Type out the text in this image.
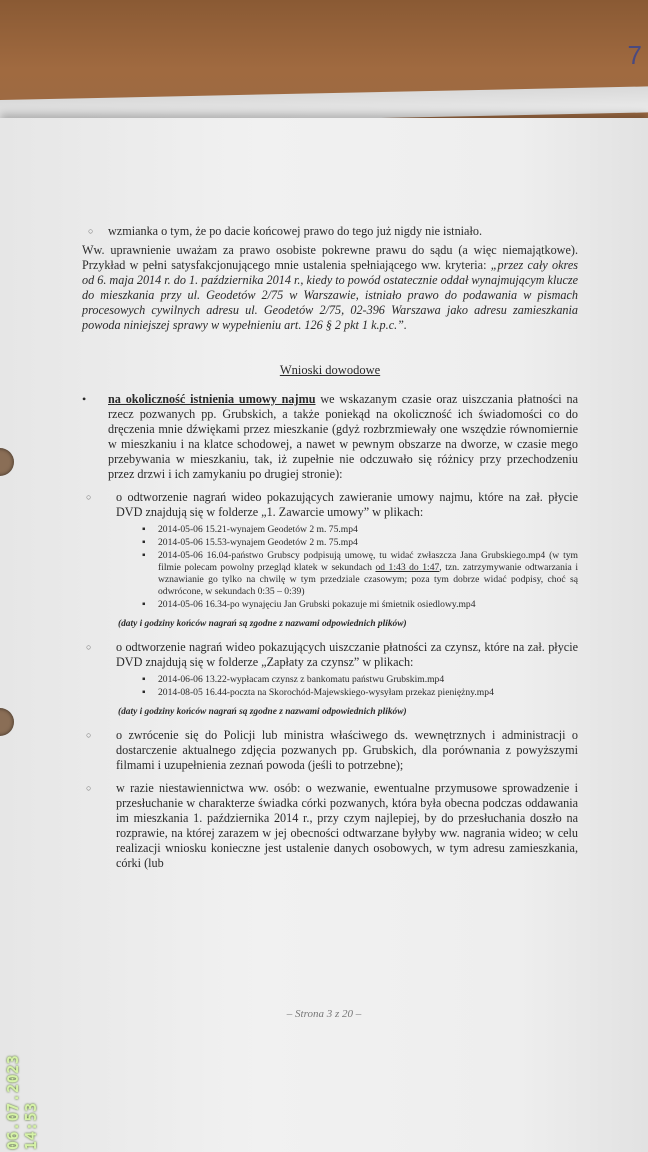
7
○ wzmianka o tym, że po dacie końcowej prawo do tego już nigdy nie istniało.

Ww. uprawnienie uważam za prawo osobiste pokrewne prawu do sądu (a więc niemajątkowe). Przykład w pełni satysfakcjonującego mnie ustalenia spełniającego ww. kryteria: „przez cały okres od 6. maja 2014 r. do 1. października 2014 r., kiedy to powód ostatecznie oddał wynajmującym klucze do mieszkania przy ul. Geodetów 2/75 w Warszawie, istniało prawo do podawania w pismach procesowych cywilnych adresu ul. Geodetów 2/75, 02-396 Warszawa jako adresu zamieszkania powoda niniejszej sprawy w wypełnieniu art. 126 § 2 pkt 1 k.p.c.”.

Wnioski dowodowe
• na okoliczność istnienia umowy najmu we wskazanym czasie oraz uiszczania płatności na rzecz pozwanych pp. Grubskich, a także poniekąd na okoliczność ich świadomości co do dręczenia mnie dźwiękami przez mieszkanie (gdyż rozbrzmiewały one wszędzie równomiernie w mieszkaniu i na klatce schodowej, a nawet w pewnym obszarze na dworze, w czasie mego przebywania w mieszkaniu, tak, iż zupełnie nie odczuwało się różnicy przy przechodzeniu przez drzwi i ich zamykaniu po drugiej stronie):
○ o odtworzenie nagrań wideo pokazujących zawieranie umowy najmu, które na zał. płycie DVD znajdują się w folderze „1. Zawarcie umowy” w plikach:
▪ 2014-05-06 15.21-wynajem Geodetów 2 m. 75.mp4
▪ 2014-05-06 15.53-wynajem Geodetów 2 m. 75.mp4
▪ 2014-05-06 16.04-państwo Grubscy podpisują umowę, tu widać zwłaszcza Jana Grubskiego.mp4 (w tym filmie polecam powolny przegląd klatek w sekundach od 1:43 do 1:47, tzn. zatrzymywanie odtwarzania i wznawianie go tylko na chwilę w tym przedziale czasowym; poza tym dobrze widać podpisy, choć są odwrócone, w sekundach 0:35 – 0:39)
▪ 2014-05-06 16.34-po wynajęciu Jan Grubski pokazuje mi śmietnik osiedlowy.mp4
(daty i godziny końców nagrań są zgodne z nazwami odpowiednich plików)
○ o odtworzenie nagrań wideo pokazujących uiszczanie płatności za czynsz, które na zał. płycie DVD znajdują się w folderze „Zapłaty za czynsz” w plikach:
▪ 2014-06-06 13.22-wypłacam czynsz z bankomatu państwu Grubskim.mp4
▪ 2014-08-05 16.44-poczta na Skorochód-Majewskiego-wysyłam przekaz pieniężny.mp4
(daty i godziny końców nagrań są zgodne z nazwami odpowiednich plików)
○ o zwrócenie się do Policji lub ministra właściwego ds. wewnętrznych i administracji o dostarczenie aktualnego zdjęcia pozwanych pp. Grubskich, dla porównania z powyższymi filmami i uzupełnienia zeznań powoda (jeśli to potrzebne);
○ w razie niestawiennictwa ww. osób: o wezwanie, ewentualne przymusowe sprowadzenie i przesłuchanie w charakterze świadka córki pozwanych, która była obecna podczas oddawania im mieszkania 1. października 2014 r., przy czym najlepiej, by do przesłuchania doszło na rozprawie, na której zarazem w jej obecności odtwarzane byłyby ww. nagrania wideo; w celu realizacji wniosku konieczne jest ustalenie danych osobowych, w tym adresu zamieszkania, córki (lub
– Strona 3 z 20 –
06.07.2023 14:53
